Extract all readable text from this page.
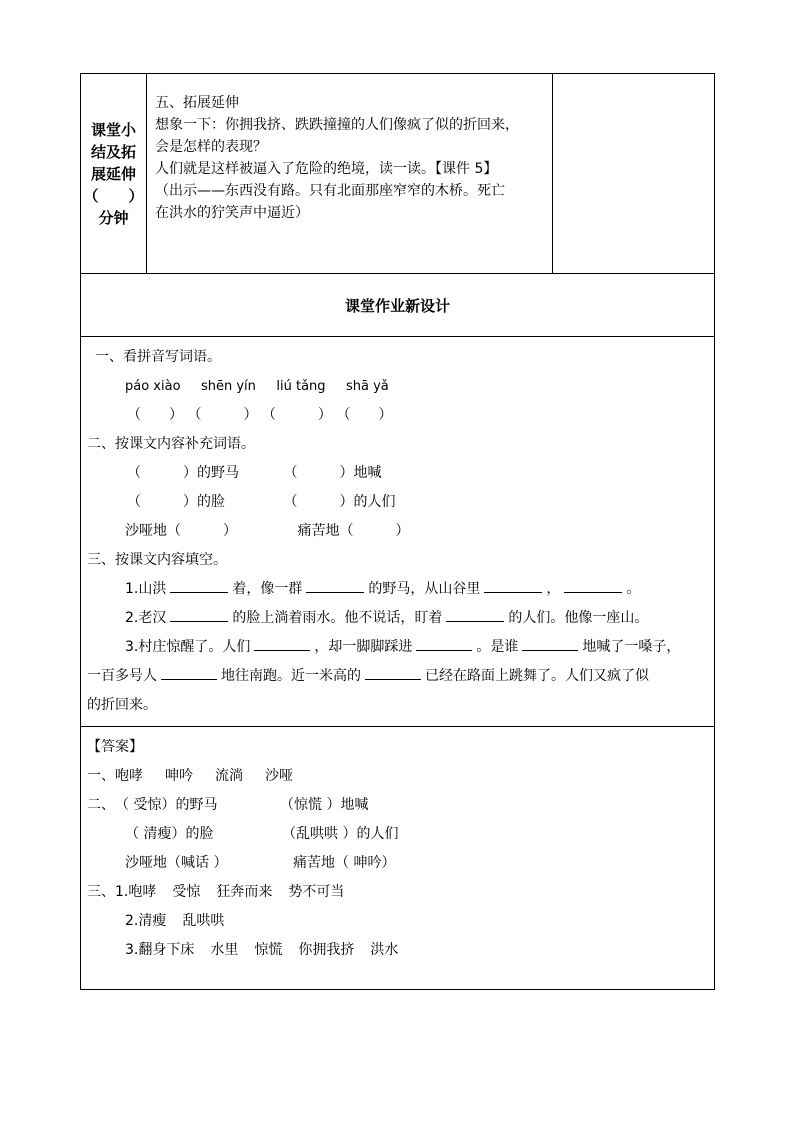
课堂小
结及拓
展延伸
（　　）
分钟

五、拓展延伸

想象一下：你拥我挤、跌跌撞撞的人们像疯了似的折回来，

会是怎样的表现？

人们就是这样被逼入了危险的绝境，读一读。【课件 5】

（出示——东西没有路。只有北面那座窄窄的木桥。死亡

在洪水的狞笑声中逼近）

课堂作业新设计

一、看拼音写词语。
páo xiào shēn yín liú tǎng shā yǎ
（　　） （　　　） （　　　） （　　）
二、按课文内容补充词语。
（　　　）的野马	（　　　）地喊
（　　　）的脸	（　　　）的人们
沙哑地（　　　）	痛苦地（　　　）
三、按课文内容填空。
1.山洪	着，像一群	的野马，从山谷里	，	。
2.老汉	的脸上淌着雨水。他不说话，盯着	的人们。他像一座山。
3.村庄惊醒了。人们	，却一脚脚踩进	。是谁	地喊了一嗓子，
一百多号人	地往南跑。近一米高的	已经在路面上跳舞了。人们又疯了似
的折回来。

【答案】
一、咆哮 呻吟 流淌 沙哑
二、（ 受惊）的野马	（惊慌 ）地喊
（ 清瘦）的脸	（乱哄哄 ）的人们
沙哑地（喊话 ）	痛苦地（ 呻吟）
三、1.咆哮 受惊 狂奔而来 势不可当
2.清瘦 乱哄哄
3.翻身下床 水里 惊慌 你拥我挤 洪水
